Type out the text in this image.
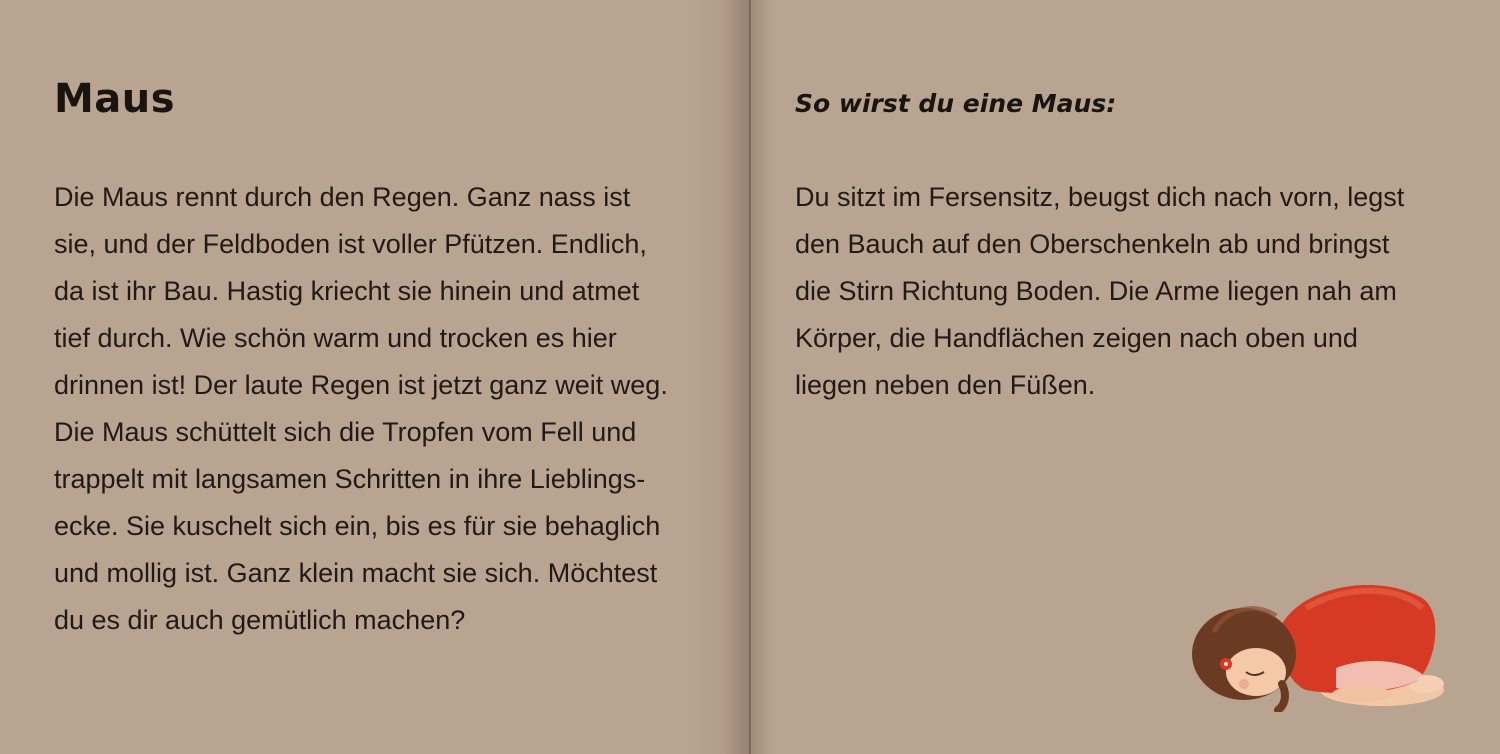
Maus

Die Maus rennt durch den Regen. Ganz nass ist
sie, und der Feldboden ist voller Pfützen. Endlich,
da ist ihr Bau. Hastig kriecht sie hinein und atmet
tief durch. Wie schön warm und trocken es hier
drinnen ist! Der laute Regen ist jetzt ganz weit weg.
Die Maus schüttelt sich die Tropfen vom Fell und
trappelt mit langsamen Schritten in ihre Lieblings-
ecke. Sie kuschelt sich ein, bis es für sie behaglich
und mollig ist. Ganz klein macht sie sich. Möchtest
du es dir auch gemütlich machen?

So wirst du eine Maus:

Du sitzt im Fersensitz, beugst dich nach vorn, legst
den Bauch auf den Oberschenkeln ab und bringst
die Stirn Richtung Boden. Die Arme liegen nah am
Körper, die Handflächen zeigen nach oben und
liegen neben den Füßen.
